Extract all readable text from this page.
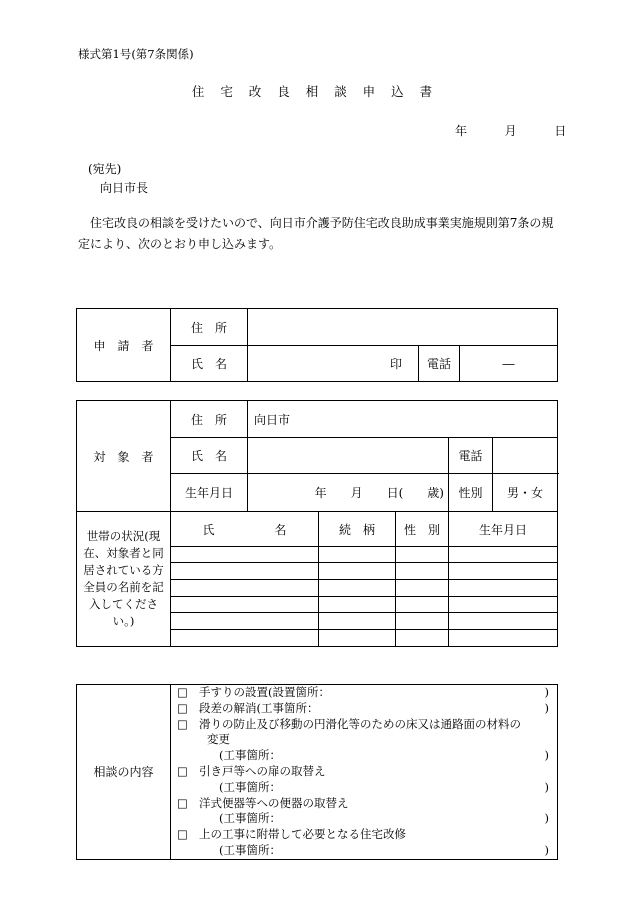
様式第1号(第7条関係)
住 宅 改 良 相 談 申 込 書
年	月	日
(宛先)
向日市長
住宅改良の相談を受けたいので、向日市介護予防住宅改良助成事業実施規則第7条の規定により、次のとおり申し込みます。
申　請　者	住　所			
	氏　名	印	電話	―
対　象　者	住　所	向日市				
	氏　名				電話	
	生年月日	年　　月　　日(　　歳)			性別	男・女
世帯の状況(現在、対象者と同居されている方全員の名前を記入してください。)	氏　　　　　名		続　柄	性　別	生年月日	

相談の内容	
□ 手すりの設置(設置箇所：	)
□ 段差の解消(工事箇所：	)
□ 滑りの防止及び移動の円滑化等のための床又は通路面の材料の
変更
(工事箇所：	)
□ 引き戸等への扉の取替え
(工事箇所：	)
□ 洋式便器等への便器の取替え
(工事箇所：	)
□ 上の工事に附帯して必要となる住宅改修
(工事箇所：	)
